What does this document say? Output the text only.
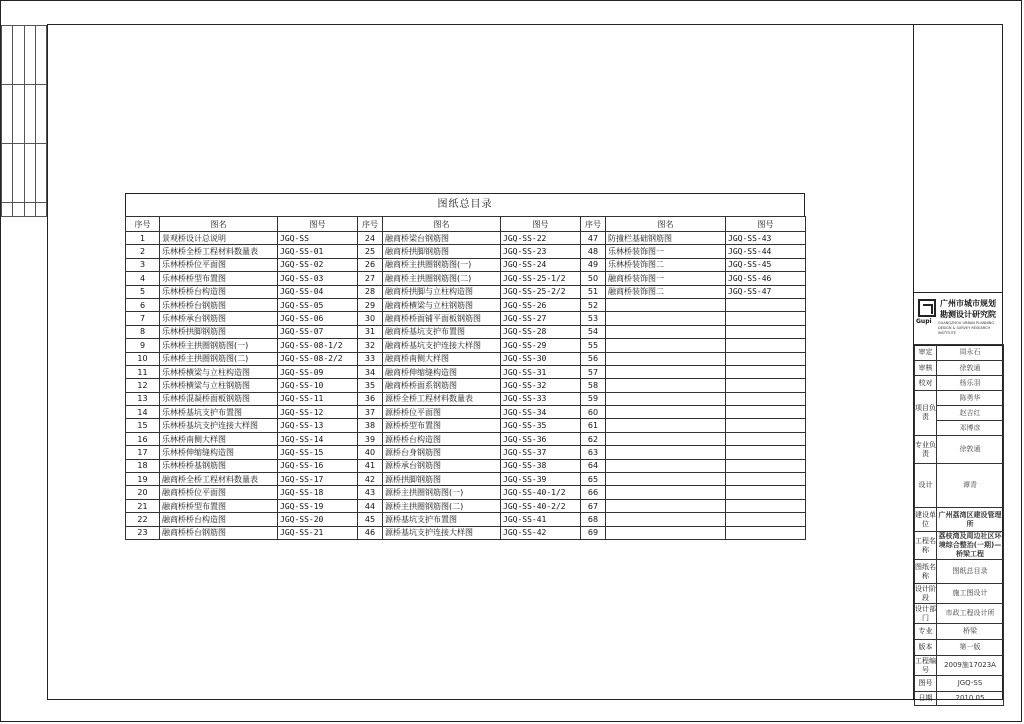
图纸总目录
序号	图名	图号	序号	图名	图号	序号	图名	图号
1	景观桥设计总说明	JGQ-SS	24	融商桥梁台钢筋图	JGQ-SS-22	47	防撞栏基础钢筋图	JGQ-SS-43
2	乐林桥全桥工程材料数量表	JGQ-SS-01	25	融商桥拱脚钢筋图	JGQ-SS-23	48	乐林桥装饰图一	JGQ-SS-44
3	乐林桥桥位平面图	JGQ-SS-02	26	融商桥主拱圈钢筋图(一)	JGQ-SS-24	49	乐林桥装饰图二	JGQ-SS-45
4	乐林桥桥型布置图	JGQ-SS-03	27	融商桥主拱圈钢筋图(二)	JGQ-SS-25-1/2	50	融商桥装饰图一	JGQ-SS-46
5	乐林桥桥台构造图	JGQ-SS-04	28	融商桥拱脚与立柱构造图	JGQ-SS-25-2/2	51	融商桥装饰图二	JGQ-SS-47
6	乐林桥桥台钢筋图	JGQ-SS-05	29	融商桥横梁与立柱钢筋图	JGQ-SS-26	52		
7	乐林桥承台钢筋图	JGQ-SS-06	30	融商桥桥面铺平面板钢筋图	JGQ-SS-27	53		
8	乐林桥拱脚钢筋图	JGQ-SS-07	31	融商桥基坑支护布置图	JGQ-SS-28	54		
9	乐林桥主拱圈钢筋图(一)	JGQ-SS-08-1/2	32	融商桥基坑支护连接大样图	JGQ-SS-29	55		
10	乐林桥主拱圈钢筋图(二)	JGQ-SS-08-2/2	33	融商桥南侧大样图	JGQ-SS-30	56		
11	乐林桥横梁与立柱构造图	JGQ-SS-09	34	融商桥伸缩缝构造图	JGQ-SS-31	57		
12	乐林桥横梁与立柱钢筋图	JGQ-SS-10	35	融商桥桥面系钢筋图	JGQ-SS-32	58		
13	乐林桥混凝桥面板钢筋图	JGQ-SS-11	36	源桥全桥工程材料数量表	JGQ-SS-33	59		
14	乐林桥基坑支护布置图	JGQ-SS-12	37	源桥桥位平面图	JGQ-SS-34	60		
15	乐林桥基坑支护连接大样图	JGQ-SS-13	38	源桥桥型布置图	JGQ-SS-35	61		
16	乐林桥南侧大样图	JGQ-SS-14	39	源桥桥台构造图	JGQ-SS-36	62		
17	乐林桥伸缩缝构造图	JGQ-SS-15	40	源桥台身钢筋图	JGQ-SS-37	63		
18	乐林桥桥基钢筋图	JGQ-SS-16	41	源桥承台钢筋图	JGQ-SS-38	64		
19	融商桥全桥工程材料数量表	JGQ-SS-17	42	源桥拱脚钢筋图	JGQ-SS-39	65		
20	融商桥桥位平面图	JGQ-SS-18	43	源桥主拱圈钢筋图(一)	JGQ-SS-40-1/2	66		
21	融商桥桥型布置图	JGQ-SS-19	44	源桥主拱圈钢筋图(二)	JGQ-SS-40-2/2	67		
22	融商桥桥台构造图	JGQ-SS-20	45	源桥基坑支护布置图	JGQ-SS-41	68		
23	融商桥桥台钢筋图	JGQ-SS-21	46	源桥基坑支护连接大样图	JGQ-SS-42	69		
Gupi
广州市城市规划勘测设计研究院
GUANGZHOU URBAN PLANNING DESIGN & SURVEY RESEARCH INSTITUTE
审定	周永石
审核	徐敦通
校对	杨乐羽
项目负责	陈勇华
	赵吉红
	邓博彦
专业负责	徐敦通
设计	谭青
建设单位	广州荔湾区建设管理所
工程名称	荔枝湾及周边社区环境综合整治(一期)—桥梁工程
图纸名称	图纸总目录
设计阶段	施工图设计
设计部门	市政工程设计所
专业	桥梁
版本	第一版
工程编号	2009施17023A
图号	JGQ-SS
日期	2010.05
